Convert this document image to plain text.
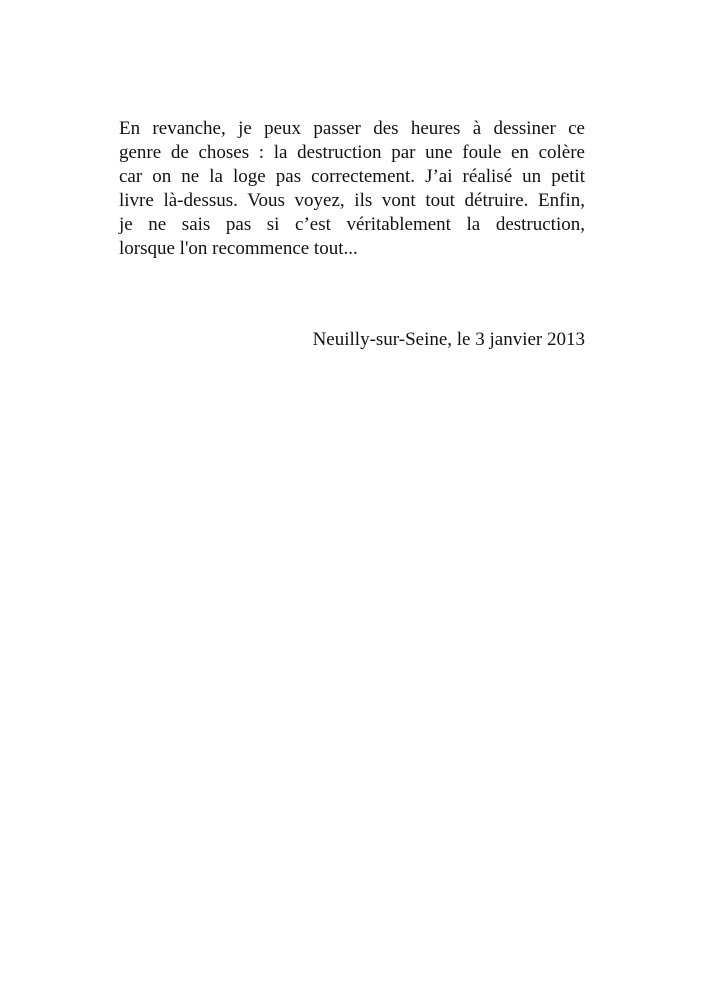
En revanche, je peux passer des heures à dessiner ce
genre de choses : la destruction par une foule en colère
car on ne la loge pas correctement. J’ai réalisé un petit
livre là-dessus. Vous voyez, ils vont tout détruire. Enfin,
je ne sais pas si c’est véritablement la destruction,
lorsque l'on recommence tout...

Neuilly-sur-Seine, le 3 janvier 2013
